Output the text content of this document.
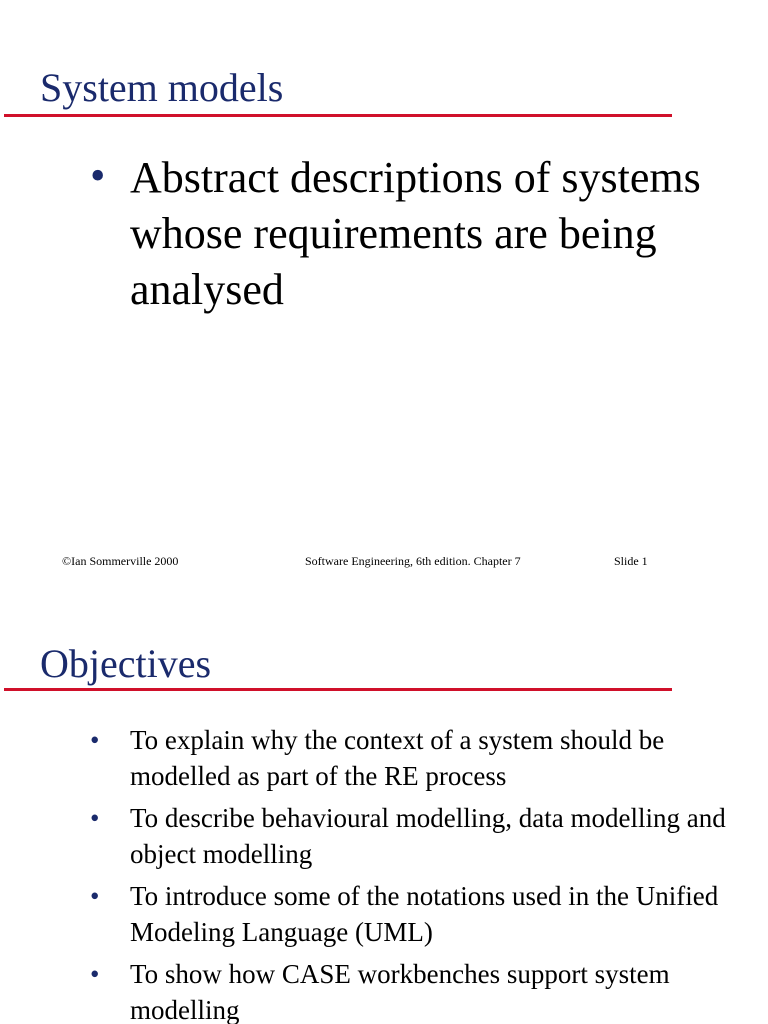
System models
• Abstract descriptions of systems whose requirements are being analysed
©Ian Sommerville 2000	Software Engineering, 6th edition. Chapter 7	Slide 1
Objectives
• To explain why the context of a system should be modelled as part of the RE process
• To describe behavioural modelling, data modelling and object modelling
• To introduce some of the notations used in the Unified Modeling Language (UML)
• To show how CASE workbenches support system modelling
